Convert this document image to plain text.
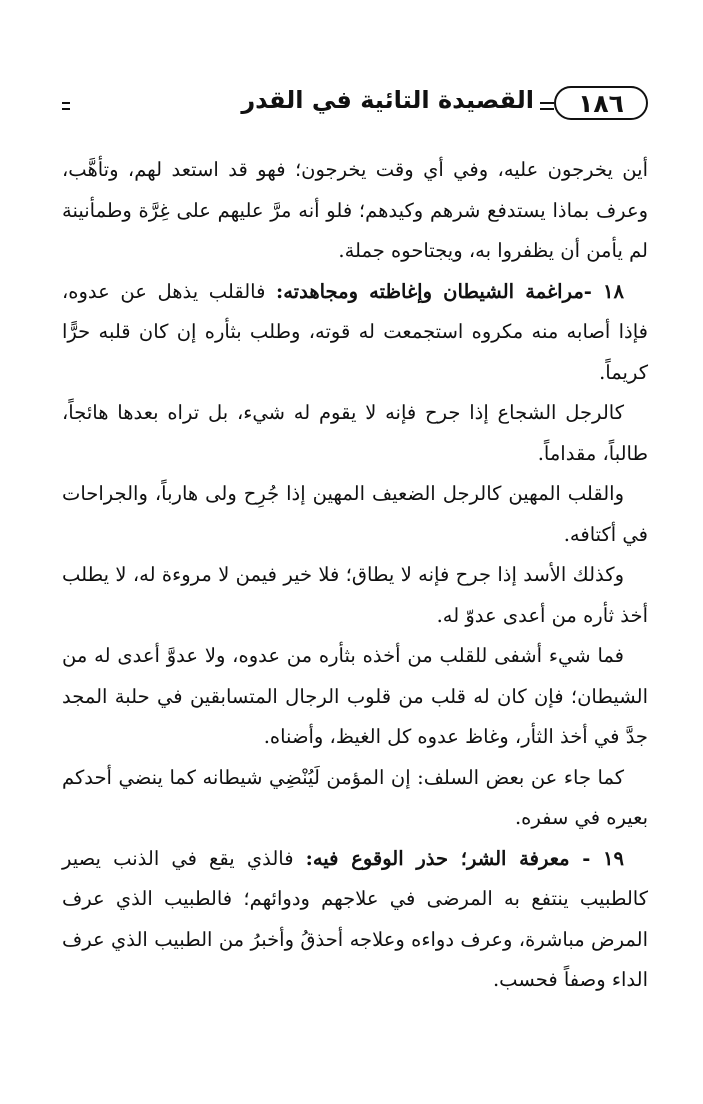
١٨٦
القصيدة التائية في القدر

أين يخرجون عليه، وفي أي وقت يخرجون؛ فهو قد استعد لهم، وتأهَّب، وعرف بماذا يستدفع شرهم وكيدهم؛ فلو أنه مرَّ عليهم على غِرَّة وطمأنينة لم يأمن أن يظفروا به، ويجتاحوه جملة.

١٨ -مراغمة الشيطان وإغاظته ومجاهدته: فالقلب يذهل عن عدوه، فإذا أصابه منه مكروه استجمعت له قوته، وطلب بثأره إن كان قلبه حرًّا كريماً.

كالرجل الشجاع إذا جرح فإنه لا يقوم له شيء، بل تراه بعدها هائجاً، طالباً، مقداماً.

والقلب المهين كالرجل الضعيف المهين إذا جُرِح ولى هارباً، والجراحات في أكتافه.

وكذلك الأسد إذا جرح فإنه لا يطاق؛ فلا خير فيمن لا مروءة له، لا يطلب أخذ ثأره من أعدى عدوّ له.

فما شيء أشفى للقلب من أخذه بثأره من عدوه، ولا عدوَّ أعدى له من الشيطان؛ فإن كان له قلب من قلوب الرجال المتسابقين في حلبة المجد جدَّ في أخذ الثأر، وغاظ عدوه كل الغيظ، وأضناه.

كما جاء عن بعض السلف: إن المؤمن لَيُنْضِي شيطانه كما ينضي أحدكم بعيره في سفره.

١٩ - معرفة الشر؛ حذر الوقوع فيه: فالذي يقع في الذنب يصير كالطبيب ينتفع به المرضى في علاجهم ودوائهم؛ فالطبيب الذي عرف المرض مباشرة، وعرف دواءه وعلاجه أحذقُ وأخبرُ من الطبيب الذي عرف الداء وصفاً فحسب.
